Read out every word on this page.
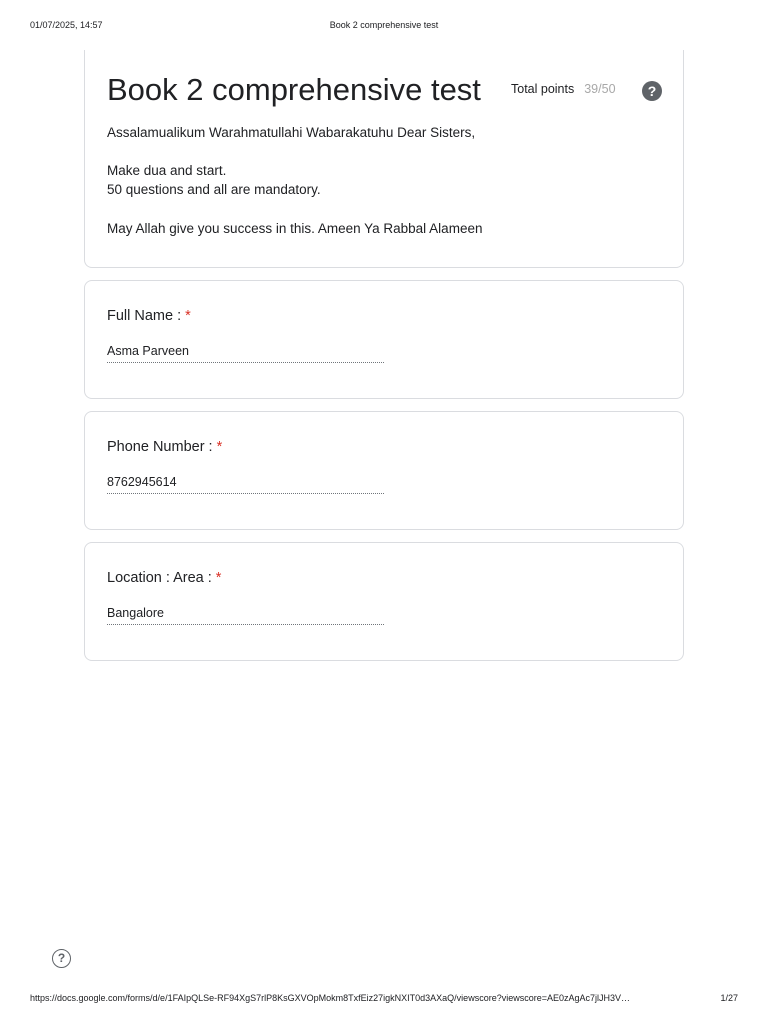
01/07/2025, 14:57	Book 2 comprehensive test
Book 2 comprehensive test Total points 39/50	?
Assalamualikum Warahmatullahi Wabarakatuhu Dear Sisters,
Make dua and start.
50 questions and all are mandatory.
May Allah give you success in this. Ameen Ya Rabbal Alameen
Full Name : *
Asma Parveen
Phone Number : *
8762945614
Location : Area : *
Bangalore
?
https://docs.google.com/forms/d/e/1FAIpQLSe-RF94XgS7rlP8KsGXVOpMokm8TxfEiz27igkNXIT0d3AXaQ/viewscore?viewscore=AE0zAgAc7jlJH3V…	1/27
